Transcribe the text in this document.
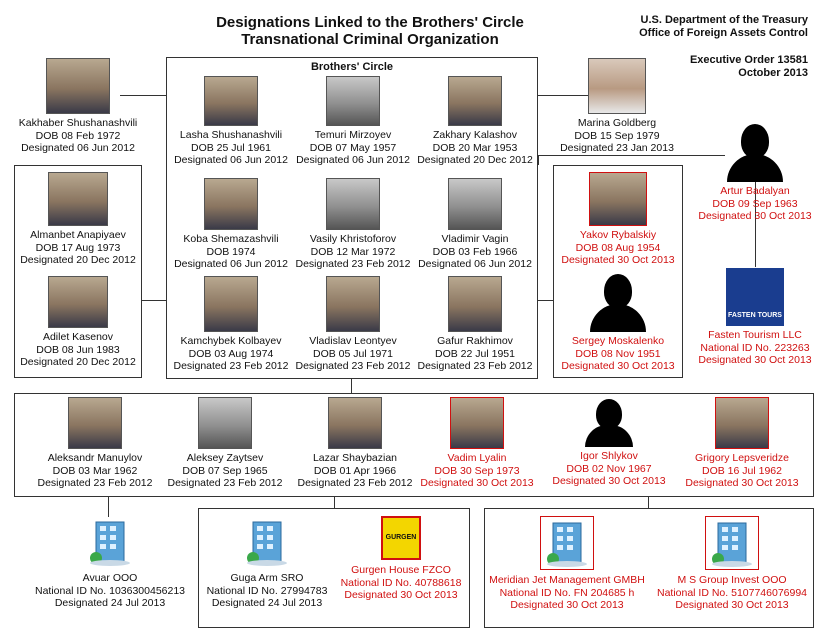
Designations Linked to the Brothers' Circle
Transnational Criminal Organization
U.S. Department of the Treasury
Office of Foreign Assets Control
Executive Order 13581
October 2013
Kakhaber Shushanashvili
DOB 08 Feb 1972
Designated 06 Jun 2012
Brothers' Circle
Lasha Shushanashvili
DOB 25 Jul 1961
Designated 06 Jun 2012
Temuri Mirzoyev
DOB 07 May 1957
Designated 06 Jun 2012
Zakhary Kalashov
DOB 20 Mar 1953
Designated 20 Dec 2012
Marina Goldberg
DOB 15 Sep 1979
Designated 23 Jan 2013
Almanbet Anapiyaev
DOB 17 Aug 1973
Designated 20 Dec 2012
Koba Shemazashvili
DOB 1974
Designated 06 Jun 2012
Vasily Khristoforov
DOB 12 Mar 1972
Designated 23 Feb 2012
Vladimir Vagin
DOB 03 Feb 1966
Designated 06 Jun 2012
Yakov Rybalskiy
DOB 08 Aug 1954
Designated 30 Oct 2013
Artur Badalyan
DOB 09 Sep 1963
Designated 30 Oct 2013
Adilet Kasenov
DOB 08 Jun 1983
Designated 20 Dec 2012
Kamchybek Kolbayev
DOB 03 Aug 1974
Designated 23 Feb 2012
Vladislav Leontyev
DOB 05 Jul 1971
Designated 23 Feb 2012
Gafur Rakhimov
DOB 22 Jul 1951
Designated 23 Feb 2012
Sergey Moskalenko
DOB 08 Nov 1951
Designated 30 Oct 2013
FASTEN TOURS
Fasten Tourism LLC
National ID No. 223263
Designated 30 Oct 2013
Aleksandr Manuylov
DOB 03 Mar 1962
Designated 23 Feb 2012
Aleksey Zaytsev
DOB 07 Sep 1965
Designated 23 Feb 2012
Lazar Shaybazian
DOB 01 Apr 1966
Designated 23 Feb 2012
Vadim Lyalin
DOB 30 Sep 1973
Designated 30 Oct 2013
Igor Shlykov
DOB 02 Nov 1967
Designated 30 Oct 2013
Grigory Lepsveridze
DOB 16 Jul 1962
Designated 30 Oct 2013
Avuar OOO
National ID No. 1036300456213
Designated 24 Jul 2013
Guga Arm SRO
National ID No. 27994783
Designated 24 Jul 2013
GURGEN
Gurgen House FZCO
National ID No. 40788618
Designated 30 Oct 2013
Meridian Jet Management GMBH
National ID No. FN 204685 h
Designated 30 Oct 2013
M S Group Invest OOO
National ID No. 5107746076994
Designated 30 Oct 2013
